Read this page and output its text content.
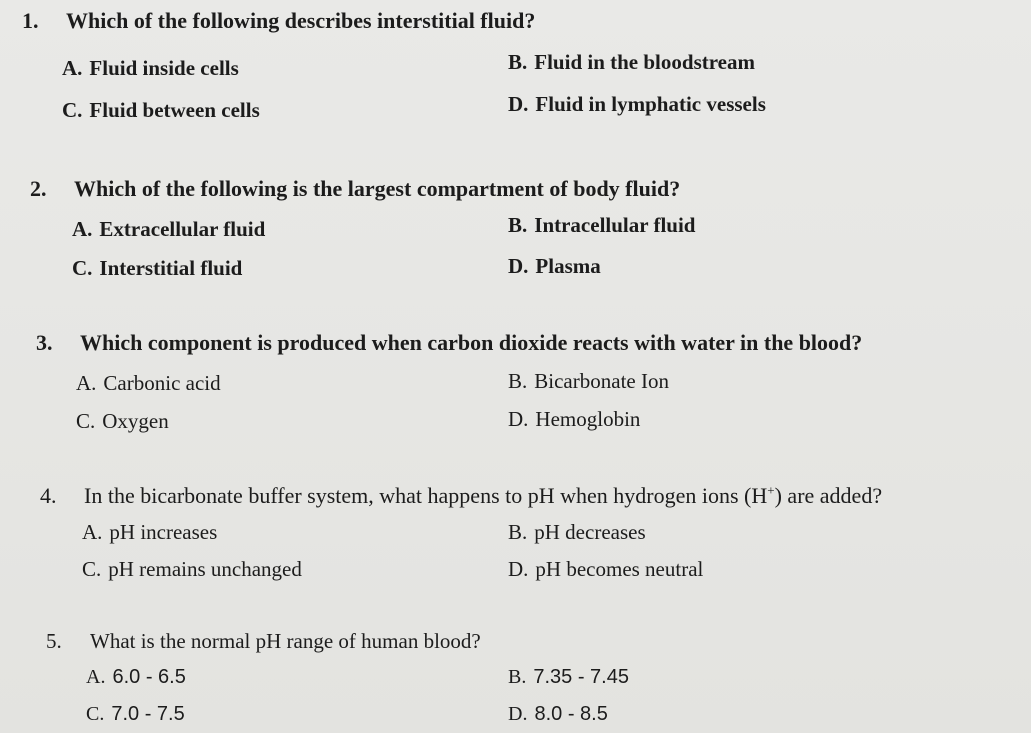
1. Which of the following describes interstitial fluid?
A. Fluid inside cells	B. Fluid in the bloodstream
C. Fluid between cells	D. Fluid in lymphatic vessels
2. Which of the following is the largest compartment of body fluid?
A. Extracellular fluid	B. Intracellular fluid
C. Interstitial fluid	D. Plasma
3. Which component is produced when carbon dioxide reacts with water in the blood?
A. Carbonic acid	B. Bicarbonate Ion
C. Oxygen	D. Hemoglobin
4. In the bicarbonate buffer system, what happens to pH when hydrogen ions (H+) are added?
A. pH increases	B. pH decreases
C. pH remains unchanged	D. pH becomes neutral
5. What is the normal pH range of human blood?
A. 6.0 - 6.5	B. 7.35 - 7.45
C. 7.0 - 7.5	D. 8.0 - 8.5
